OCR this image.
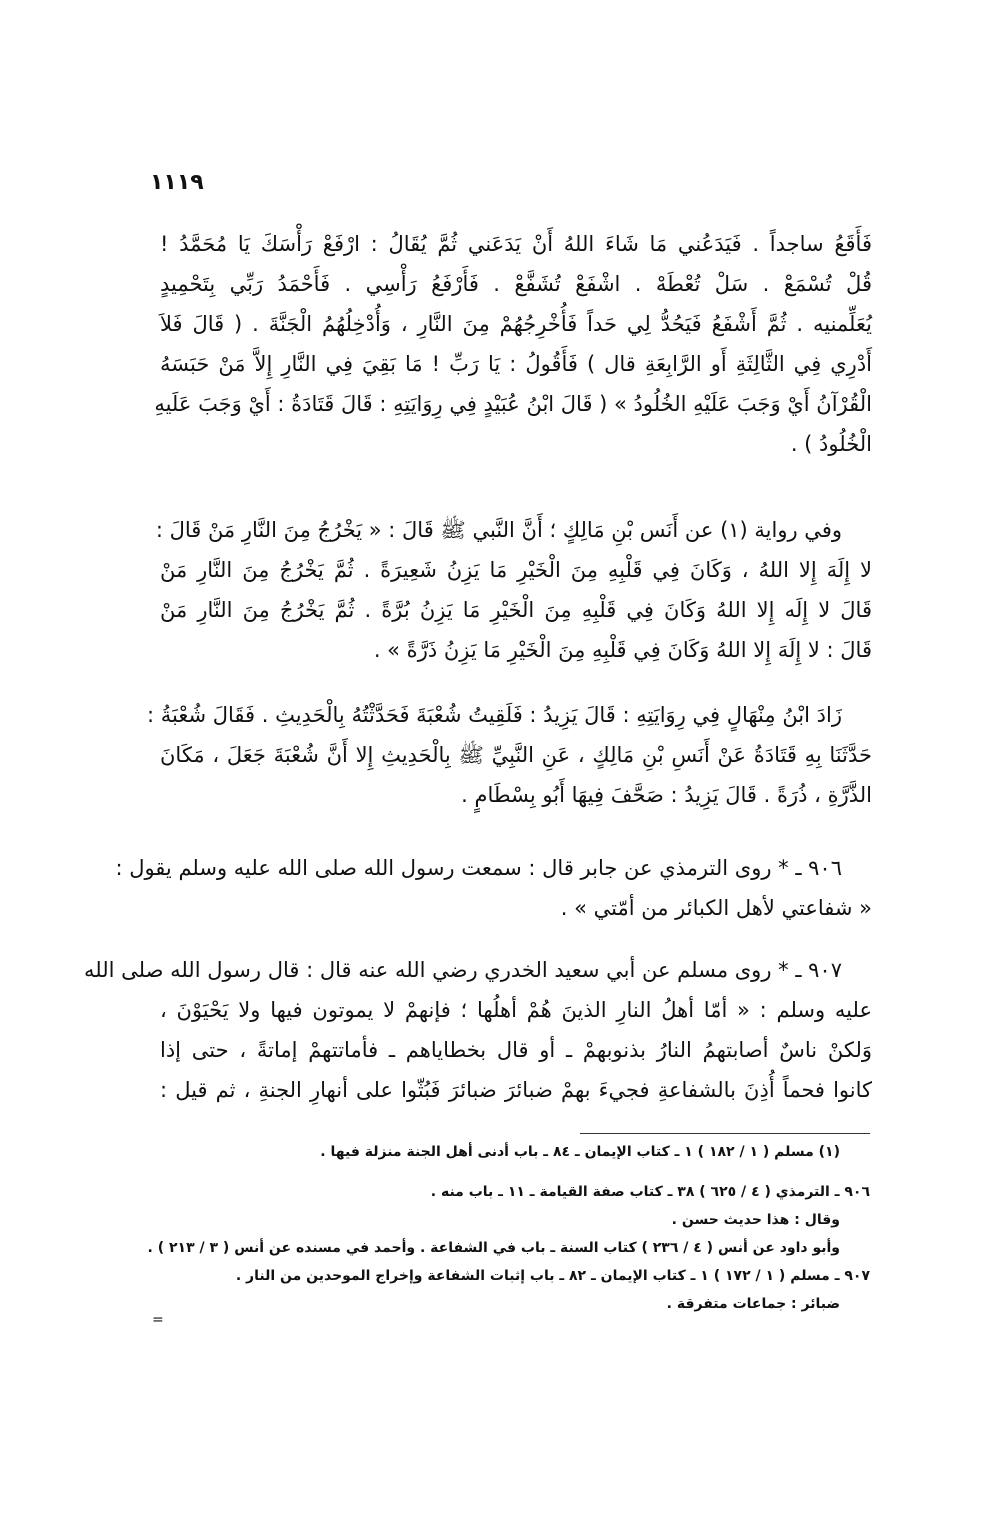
١١١٩
فَأَقَعُ ساجداً . فَيَدَعُني مَا شَاءَ اللهُ أَنْ يَدَعَني ثُمَّ يُقَالُ : ارْفَعْ رَأْسَكَ يَا مُحَمَّدُ !
قُلْ تُسْمَعْ . سَلْ تُعْطَهْ . اشْفَعْ تُشَفَّعْ . فَأَرْفَعُ رَأْسِي . فَأَحْمَدُ رَبِّي بِتَحْمِيدٍ
يُعَلِّمنيه . ثُمَّ أَشْفَعُ فَيَحُدُّ لِي حَداً فَأُخْرِجُهُمْ مِنَ النَّارِ ، وَأُدْخِلُهُمُ الْجَنَّةَ . ( قَالَ فَلاَ
أَدْرِي فِي الثَّالِثَةِ أَو الرَّابِعَةِ قال ) فَأَقُولُ : يَا رَبِّ ! مَا بَقِيَ فِي النَّارِ إِلاَّ مَنْ حَبَسَهُ
الْقُرْآنُ أَيْ وَجَبَ عَلَيْهِ الخُلُودُ » ( قَالَ ابْنُ عُبَيْدٍ فِي رِوَايَتِهِ : قَالَ قَتَادَةُ : أَيْ وَجَبَ عَلَيهِ
الْخُلُودُ ) .
وفي رواية (١) عن أَنَس بْنِ مَالِكٍ ؛ أَنَّ النَّبي ﷺ قَالَ : « يَخْرُجُ مِنَ النَّارِ مَنْ قَالَ :
لا إِلَهَ إِلا اللهُ ، وَكَانَ فِي قَلْبِهِ مِنَ الْخَيْرِ مَا يَزِنُ شَعِيرَةً . ثُمَّ يَخْرُجُ مِنَ النَّارِ مَنْ
قَالَ لا إِلَه إِلا اللهُ وَكَانَ فِي قَلْبِهِ مِنَ الْخَيْرِ مَا يَزِنُ بُرَّةً . ثُمَّ يَخْرُجُ مِنَ النَّارِ مَنْ
قَالَ : لا إِلَهَ إِلا اللهُ وَكَانَ فِي قَلْبِهِ مِنَ الْخَيْرِ مَا يَزِنُ ذَرَّةً » .
زَادَ ابْنُ مِنْهَالٍ فِي رِوَايَتِهِ : قَالَ يَزِيدُ : فَلَقِيتُ شُعْبَةَ فَحَدَّثْتُهُ بِالْحَدِيثِ . فَقَالَ شُعْبَةُ :
حَدَّثَنَا بِهِ قَتَادَةُ عَنْ أَنَسِ بْنِ مَالِكٍ ، عَنِ النَّبِيِّ ﷺ بِالْحَدِيثِ إِلا أَنَّ شُعْبَةَ جَعَلَ ، مَكَانَ
الذَّرَّةِ ، ذُرَةً . قَالَ يَزِيدُ : صَحَّفَ فِيهَا أَبُو بِسْطَامٍ .
٩٠٦ ـ * روى الترمذي عن جابر قال : سمعت رسول الله صلى الله عليه وسلم يقول :
« شفاعتي لأهل الكبائر من أمّتي » .
٩٠٧ ـ * روى مسلم عن أبي سعيد الخدري رضي الله عنه قال : قال رسول الله صلى الله
عليه وسلم : « أمّا أهلُ النارِ الذينَ هُمْ أهلُها ؛ فإنهمْ لا يموتون فيها ولا يَحْيَوْنَ ،
وَلكنْ ناسٌ أصابتهمُ النارُ بذنوبهمْ ـ أو قال بخطاياهم ـ فأماتتهمْ إماتةً ، حتى إذا
كانوا فحماً أُذِنَ بالشفاعةِ فجيءَ بهمْ ضبائرَ ضبائرَ فَبُثّوا على أنهارِ الجنةِ ، ثم قيل :
(١) مسلم ( ١ / ١٨٢ ) ١ ـ كتاب الإيمان ـ ٨٤ ـ باب أدنى أهل الجنة منزلة فيها .
٩٠٦ ـ الترمذي ( ٤ / ٦٢٥ ) ٣٨ ـ كتاب صفة القيامة ـ ١١ ـ باب منه .
وقال : هذا حديث حسن .
وأبو داود عن أنس ( ٤ / ٢٣٦ ) كتاب السنة ـ باب في الشفاعة . وأحمد في مسنده عن أنس ( ٣ / ٢١٣ ) .
٩٠٧ ـ مسلم ( ١ / ١٧٢ ) ١ ـ كتاب الإيمان ـ ٨٢ ـ باب إثبات الشفاعة وإخراج الموحدين من النار .
ضبائر : جماعات متفرقة .
=
